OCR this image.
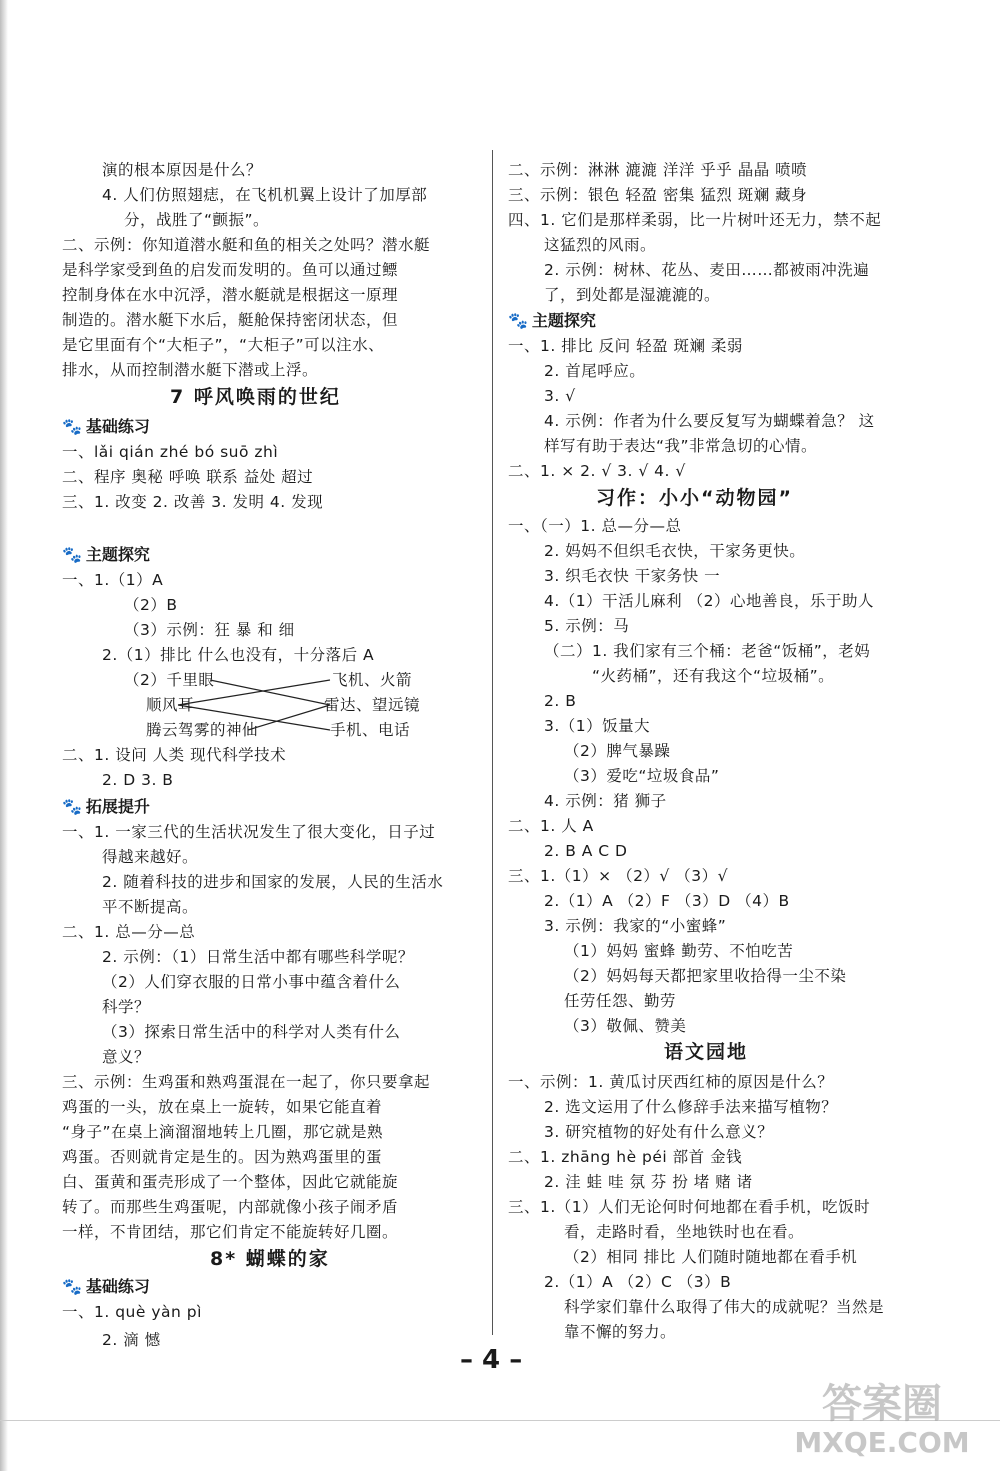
演的根本原因是什么？
4. 人们仿照翅痣，在飞机机翼上设计了加厚部
分，战胜了“颤振”。
二、示例：你知道潜水艇和鱼的相关之处吗？潜水艇
是科学家受到鱼的启发而发明的。鱼可以通过鳔
控制身体在水中沉浮，潜水艇就是根据这一原理
制造的。潜水艇下水后，艇舱保持密闭状态，但
是它里面有个“大柜子”，“大柜子”可以注水、
排水，从而控制潜水艇下潜或上浮。
一、lǎi qián zhé bó suō zhì
二、程序 奥秘 呼唤 联系 益处 超过
三、1. 改变 2. 改善 3. 发明 4. 发现
一、1.（1）A
（2）B
（3）示例：狂 暴 和 细
2.（1）排比 什么也没有，十分落后 A
（2）千里眼
顺风耳
腾云驾雾的神仙
飞机、火箭
雷达、望远镜
手机、电话
二、1. 设问 人类 现代科学技术
2. D 3. B
一、1. 一家三代的生活状况发生了很大变化，日子过
得越来越好。
2. 随着科技的进步和国家的发展，人民的生活水
平不断提高。
二、1. 总—分—总
2. 示例：（1）日常生活中都有哪些科学呢？
（2）人们穿衣服的日常小事中蕴含着什么
科学？
（3）探索日常生活中的科学对人类有什么
意义？
三、示例：生鸡蛋和熟鸡蛋混在一起了，你只要拿起
鸡蛋的一头，放在桌上一旋转，如果它能直着
“身子”在桌上滴溜溜地转上几圈，那它就是熟
鸡蛋。否则就肯定是生的。因为熟鸡蛋里的蛋
白、蛋黄和蛋壳形成了一个整体，因此它就能旋
转了。而那些生鸡蛋呢，内部就像小孩子闹矛盾
一样，不肯团结，那它们肯定不能旋转好几圈。
一、1. què yàn pì
2. 滴 憾
🐾 基础练习
🐾 主题探究
🐾 拓展提升
🐾 基础练习
7 呼风唤雨的世纪
8* 蝴蝶的家
二、示例：淋淋 漉漉 洋洋 乎乎 晶晶 喷喷
三、示例：银色 轻盈 密集 猛烈 斑斓 藏身
四、1. 它们是那样柔弱，比一片树叶还无力，禁不起
这猛烈的风雨。
2. 示例：树林、花丛、麦田……都被雨冲洗遍
了，到处都是湿漉漉的。
一、1. 排比 反问 轻盈 斑斓 柔弱
2. 首尾呼应。
3. √
4. 示例：作者为什么要反复写为蝴蝶着急？ 这
样写有助于表达“我”非常急切的心情。
二、1. × 2. √ 3. √ 4. √
一、（一）1. 总—分—总
2. 妈妈不但织毛衣快，干家务更快。
3. 织毛衣快 干家务快 一
4.（1）干活儿麻利 （2）心地善良，乐于助人
5. 示例：马
（二）1. 我们家有三个桶：老爸“饭桶”，老妈
“火药桶”，还有我这个“垃圾桶”。
2. B
3.（1）饭量大
（2）脾气暴躁
（3）爱吃“垃圾食品”
4. 示例：猪 狮子
二、1. 人 A
2. B A C D
三、1.（1）× （2）√ （3）√
2.（1）A （2）F （3）D （4）B
3. 示例：我家的“小蜜蜂”
（1）妈妈 蜜蜂 勤劳、不怕吃苦
（2）妈妈每天都把家里收拾得一尘不染
任劳任怨、勤劳
（3）敬佩、赞美
一、示例：1. 黄瓜讨厌西红柿的原因是什么？
2. 选文运用了什么修辞手法来描写植物？
3. 研究植物的好处有什么意义？
二、1. zhāng hè péi 部首 金钱
2. 洼 蛙 哇 氛 芬 扮 堵 赌 诸
三、1.（1）人们无论何时何地都在看手机，吃饭时
看，走路时看，坐地铁时也在看。
（2）相同 排比 人们随时随地都在看手机
2.（1）A （2）C （3）B
科学家们靠什么取得了伟大的成就呢？当然是
靠不懈的努力。
🐾 主题探究
习作：小小“动物园”
语文园地
– 4 –
答案圈
MXQE.COM
